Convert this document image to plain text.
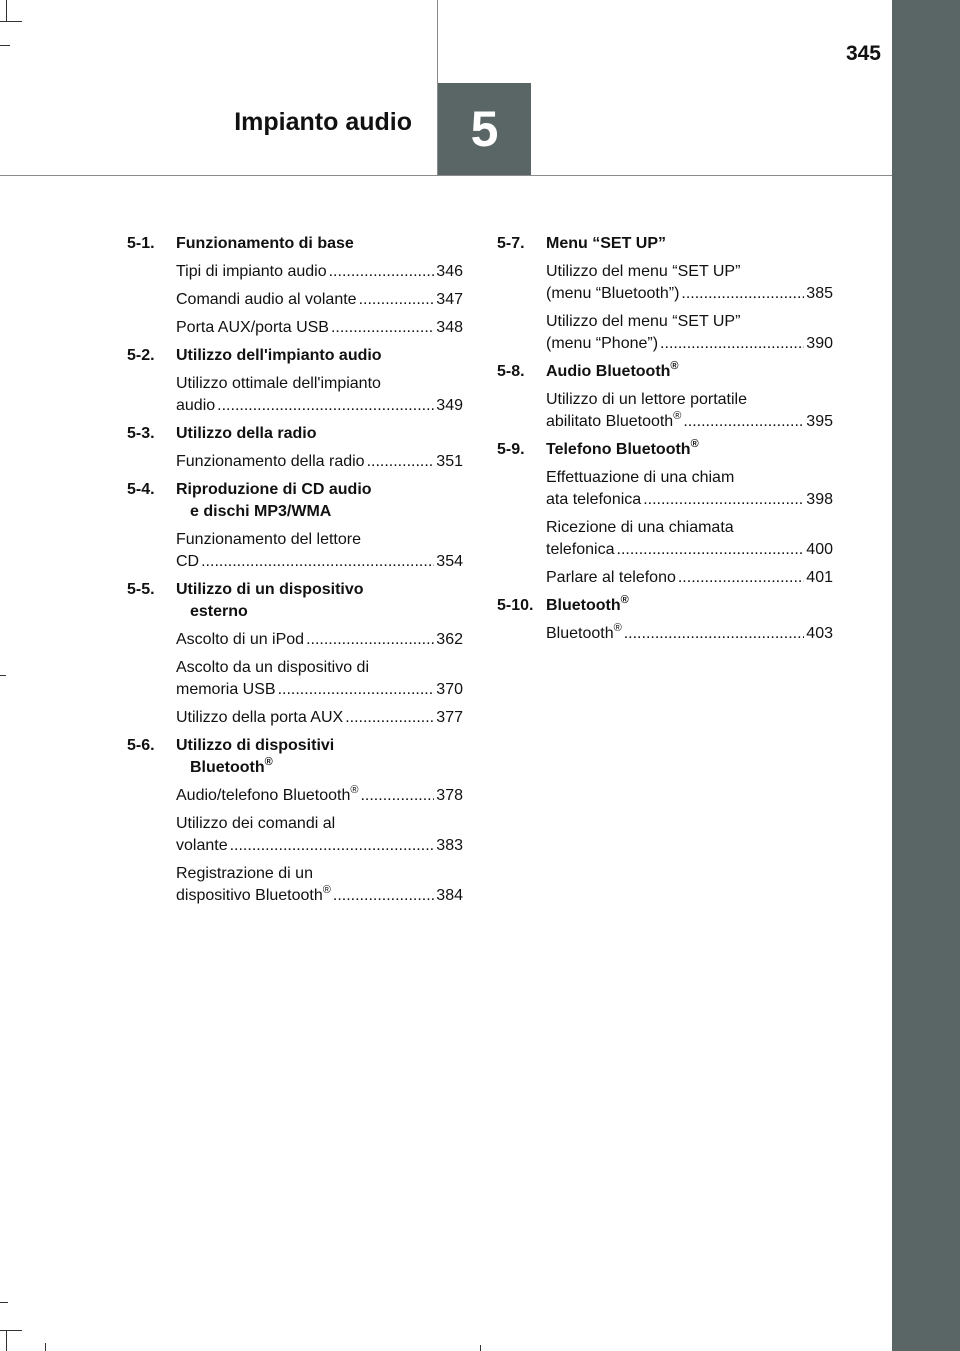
5
Impianto audio
345
5-1.	Funzionamento di base
Tipi di impianto audio .....	346
Comandi audio al volante .....	347
Porta AUX/porta USB .....	348
5-2.	Utilizzo dell'impianto audio
Utilizzo ottimale dell'impianto
audio .....	349
5-3.	Utilizzo della radio
Funzionamento della radio .....	351
5-4.	Riproduzione di CD audio
e dischi MP3/WMA
Funzionamento del lettore
CD .....	354
5-5.	Utilizzo di un dispositivo
esterno
Ascolto di un iPod .....	362
Ascolto da un dispositivo di
memoria USB .....	370
Utilizzo della porta AUX .....	377
5-6.	Utilizzo di dispositivi
Bluetooth®
Audio/telefono Bluetooth® .....	378
Utilizzo dei comandi al
volante .....	383
Registrazione di un
dispositivo Bluetooth® .....	384
5-7.	Menu “SET UP”
Utilizzo del menu “SET UP”
(menu “Bluetooth”) .....	385
Utilizzo del menu “SET UP”
(menu “Phone”) .....	390
5-8.	Audio Bluetooth®
Utilizzo di un lettore portatile
abilitato Bluetooth® .....	395
5-9.	Telefono Bluetooth®
Effettuazione di una chiam
ata telefonica .....	398
Ricezione di una chiamata
telefonica .....	400
Parlare al telefono .....	401
5-10. Bluetooth®
Bluetooth® .....	403
